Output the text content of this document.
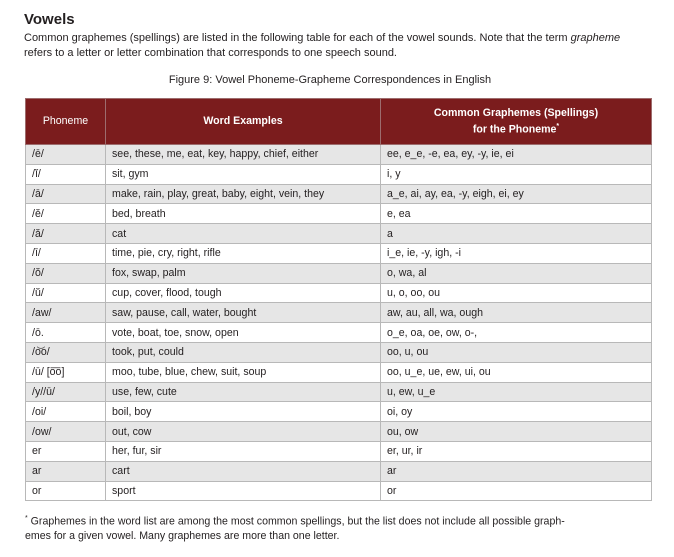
Vowels

Common graphemes (spellings) are listed in the following table for each of the vowel sounds. Note that the term grapheme refers to a letter or letter combination that corresponds to one speech sound.

Figure 9: Vowel Phoneme-Grapheme Correspondences in English

Phoneme	Word Examples	Common Graphemes (Spellings)
for the Phoneme*
/ē/	see, these, me, eat, key, happy, chief, either	ee, e_e, -e, ea, ey, -y, ie, ei
/ĭ/	sit, gym	i, y
/ā/	make, rain, play, great, baby, eight, vein, they	a_e, ai, ay, ea, -y, eigh, ei, ey
/ĕ/	bed, breath	e, ea
/ă/	cat	a
/ī/	time, pie, cry, right, rifle	i_e, ie, -y, igh, -i
/ŏ/	fox, swap, palm	o, wa, al
/ŭ/	cup, cover, flood, tough	u, o, oo, ou
/aw/	saw, pause, call, water, bought	aw, au, all, wa, ough
/ō.	vote, boat, toe, snow, open	o_e, oa, oe, ow, o-,
/o͝o/	took, put, could	oo, u, ou
/ū/ [o͞o]	moo, tube, blue, chew, suit, soup	oo, u_e, ue, ew, ui, ou
/y//ū/	use, few, cute	u, ew, u_e
/oi/	boil, boy	oi, oy
/ow/	out, cow	ou, ow
er	her, fur, sir	er, ur, ir
ar	cart	ar
or	sport	or
* Graphemes in the word list are among the most common spellings, but the list does not include all possible graph-
emes for a given vowel. Many graphemes are more than one letter.
